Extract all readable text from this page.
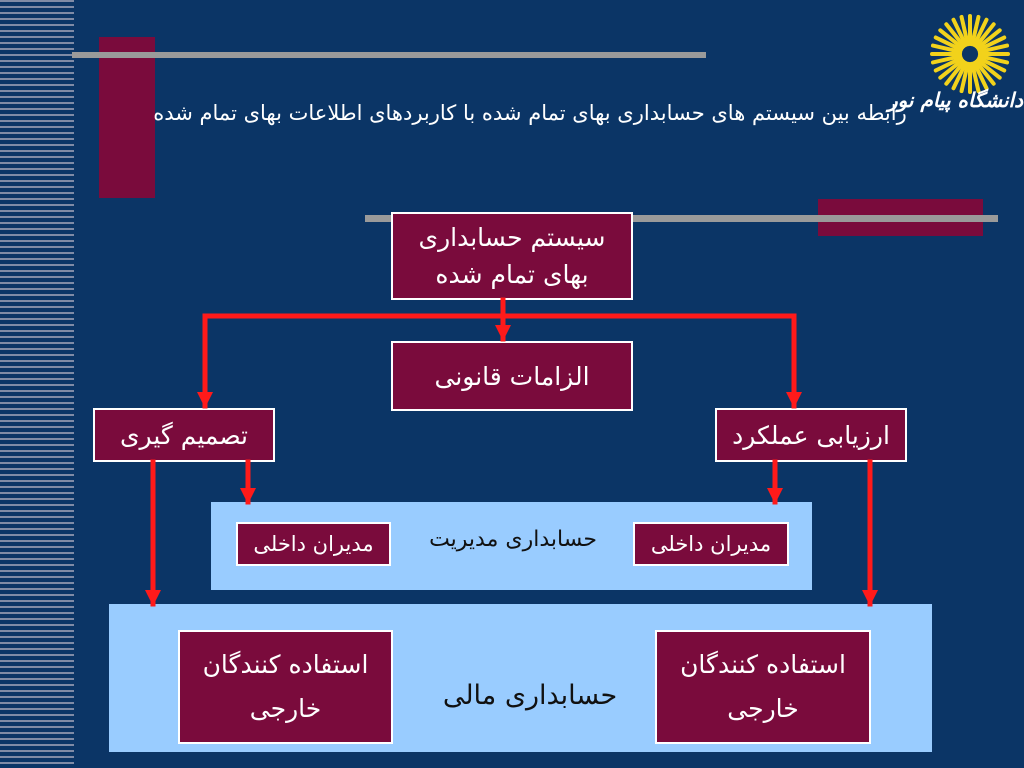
دانشگاه پیام نور
رابطه بین سیستم های حسابداری بهای تمام شده با کاربردهای اطلاعات بهای تمام شده
سیستم حسابداری
بهای تمام شده
الزامات قانونی
تصمیم گیری	ارزیابی عملکرد
مدیران داخلی	مدیران داخلی
حسابداری مدیریت
استفاده کنندگان
خارجی
استفاده کنندگان
خارجی
حسابداری مالی
